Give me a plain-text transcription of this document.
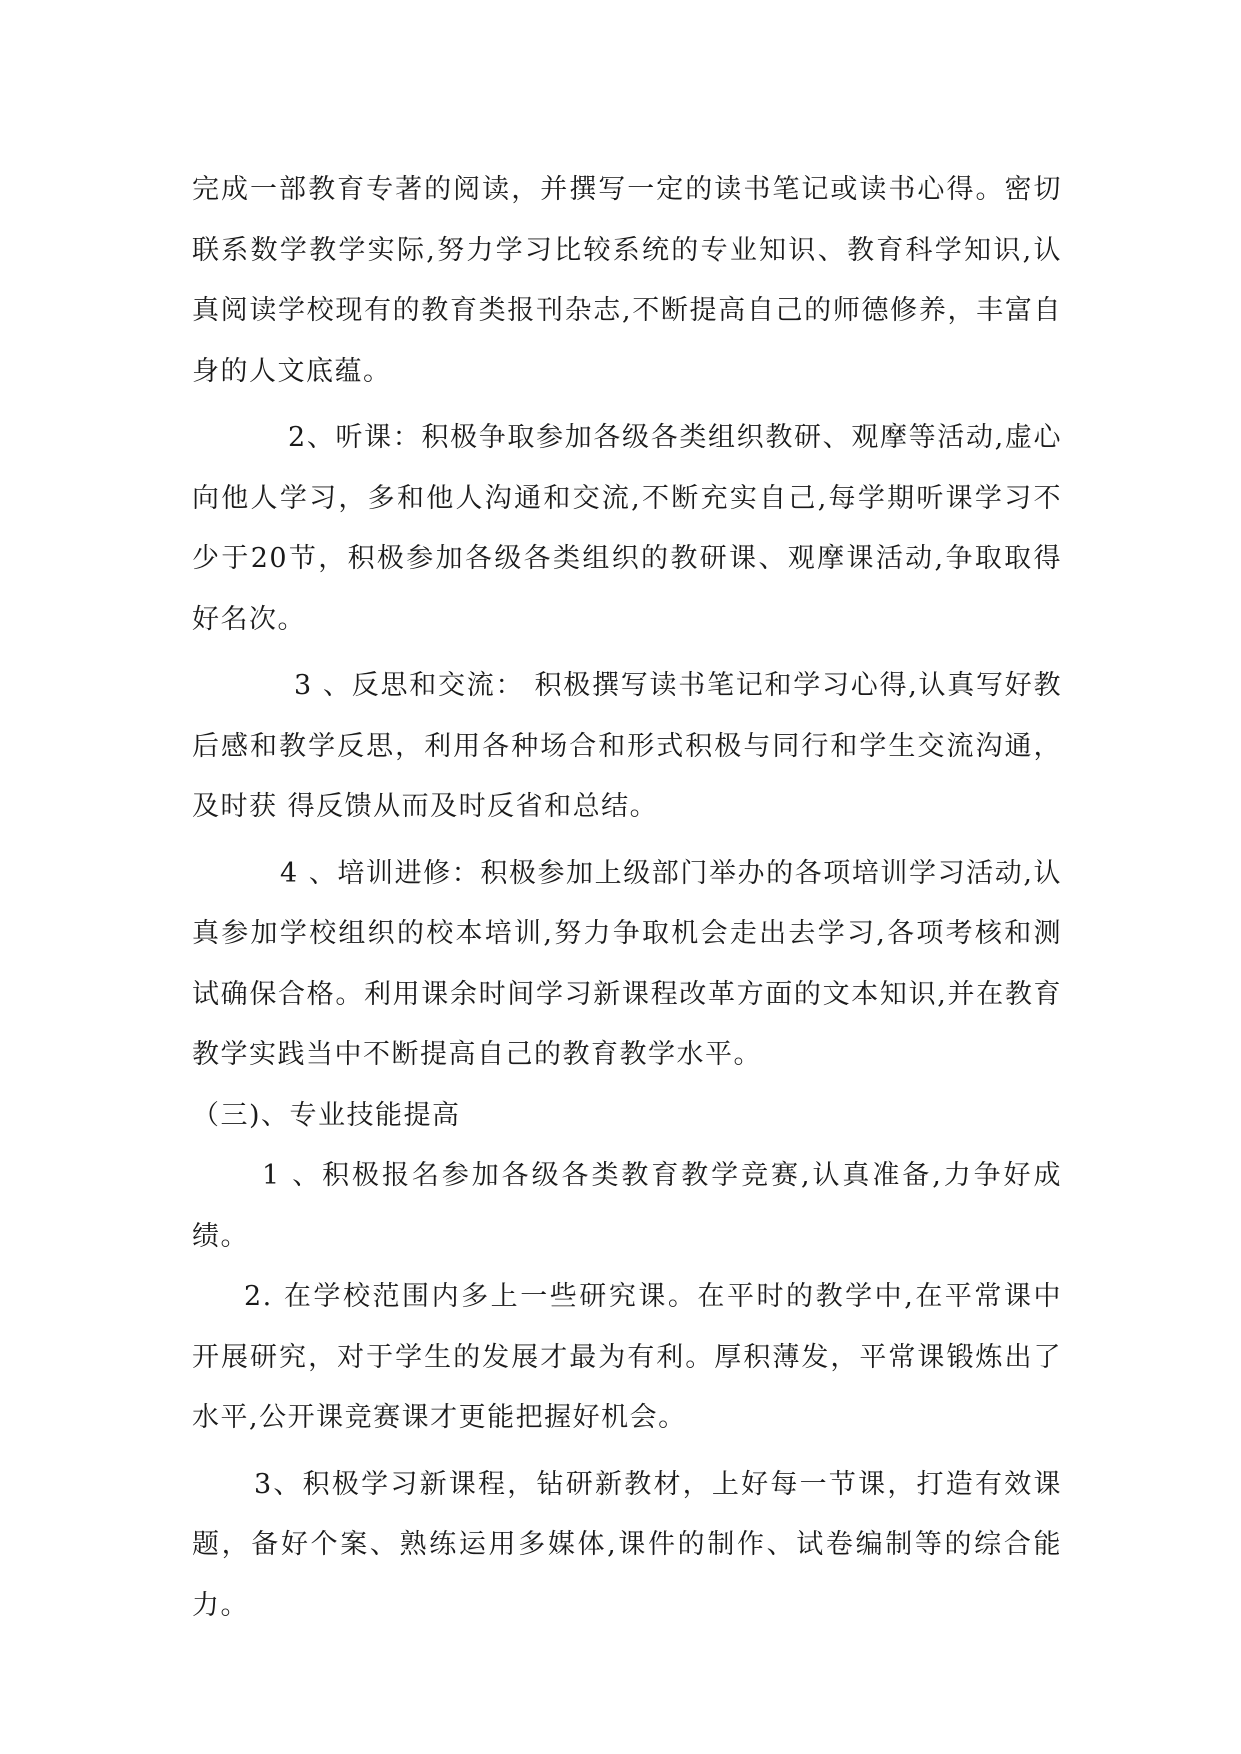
完成一部教育专著的阅读，并撰写一定的读书笔记或读书心得。密切联系数学教学实际,努力学习比较系统的专业知识、教育科学知识,认真阅读学校现有的教育类报刊杂志,不断提高自己的师德修养，丰富自身的人文底蕴。

2、听课：积极争取参加各级各类组织教研、观摩等活动,虚心向他人学习，多和他人沟通和交流,不断充实自己,每学期听课学习不少于20节，积极参加各级各类组织的教研课、观摩课活动,争取取得好名次。

3 、反思和交流： 积极撰写读书笔记和学习心得,认真写好教后感和教学反思，利用各种场合和形式积极与同行和学生交流沟通，及时获 得反馈从而及时反省和总结。

4 、培训进修：积极参加上级部门举办的各项培训学习活动,认真参加学校组织的校本培训,努力争取机会走出去学习,各项考核和测试确保合格。利用课余时间学习新课程改革方面的文本知识,并在教育教学实践当中不断提高自己的教育教学水平。

（三)、专业技能提高

1 、积极报名参加各级各类教育教学竞赛,认真准备,力争好成绩。

2. 在学校范围内多上一些研究课。在平时的教学中,在平常课中开展研究，对于学生的发展才最为有利。厚积薄发，平常课锻炼出了水平,公开课竞赛课才更能把握好机会。

3、积极学习新课程，钻研新教材，上好每一节课，打造有效课题，备好个案、熟练运用多媒体,课件的制作、试卷编制等的综合能力。
